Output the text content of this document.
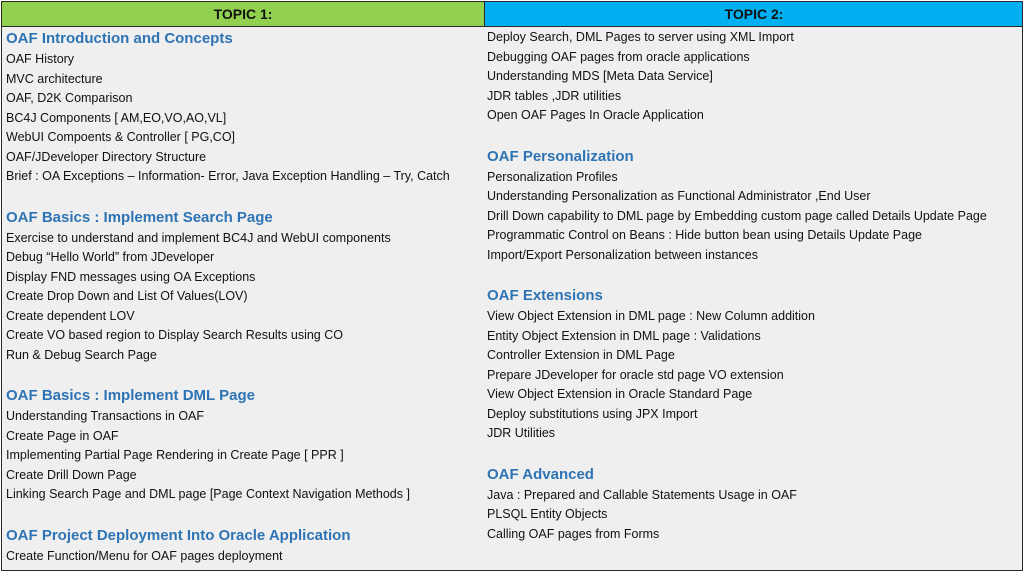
TOPIC 1:	TOPIC 2:
OAF Introduction and Concepts
OAF History
MVC architecture
OAF, D2K Comparison
BC4J Components [ AM,EO,VO,AO,VL]
WebUI Compoents & Controller [ PG,CO]
OAF/JDeveloper Directory Structure
Brief : OA Exceptions – Information- Error, Java Exception Handling – Try, Catch
OAF Basics : Implement Search Page
Exercise to understand and implement BC4J and WebUI components
Debug “Hello World” from JDeveloper
Display FND messages using OA Exceptions
Create Drop Down and List Of Values(LOV)
Create dependent LOV
Create VO based region to Display Search Results using CO
Run & Debug Search Page
OAF Basics : Implement DML Page
Understanding Transactions in OAF
Create Page in OAF
Implementing Partial Page Rendering in Create Page [ PPR ]
Create Drill Down Page
Linking Search Page and DML page [Page Context Navigation Methods ]
OAF Project Deployment Into Oracle Application
Create Function/Menu for OAF pages deployment
Deploy Search, DML Pages to server using XML Import
Debugging OAF pages from oracle applications
Understanding MDS [Meta Data Service]
JDR tables ,JDR utilities
Open OAF Pages In Oracle Application
OAF Personalization
Personalization Profiles
Understanding Personalization as Functional Administrator ,End User
Drill Down capability to DML page by Embedding custom page called Details Update Page
Programmatic Control on Beans : Hide button bean using Details Update Page
Import/Export Personalization between instances
OAF Extensions
View Object Extension in DML page : New Column addition
Entity Object Extension in DML page : Validations
Controller Extension in DML Page
Prepare JDeveloper for oracle std page VO extension
View Object Extension in Oracle Standard Page
Deploy substitutions using JPX Import
JDR Utilities
OAF Advanced
Java : Prepared and Callable Statements Usage in OAF
PLSQL Entity Objects
Calling OAF pages from Forms
